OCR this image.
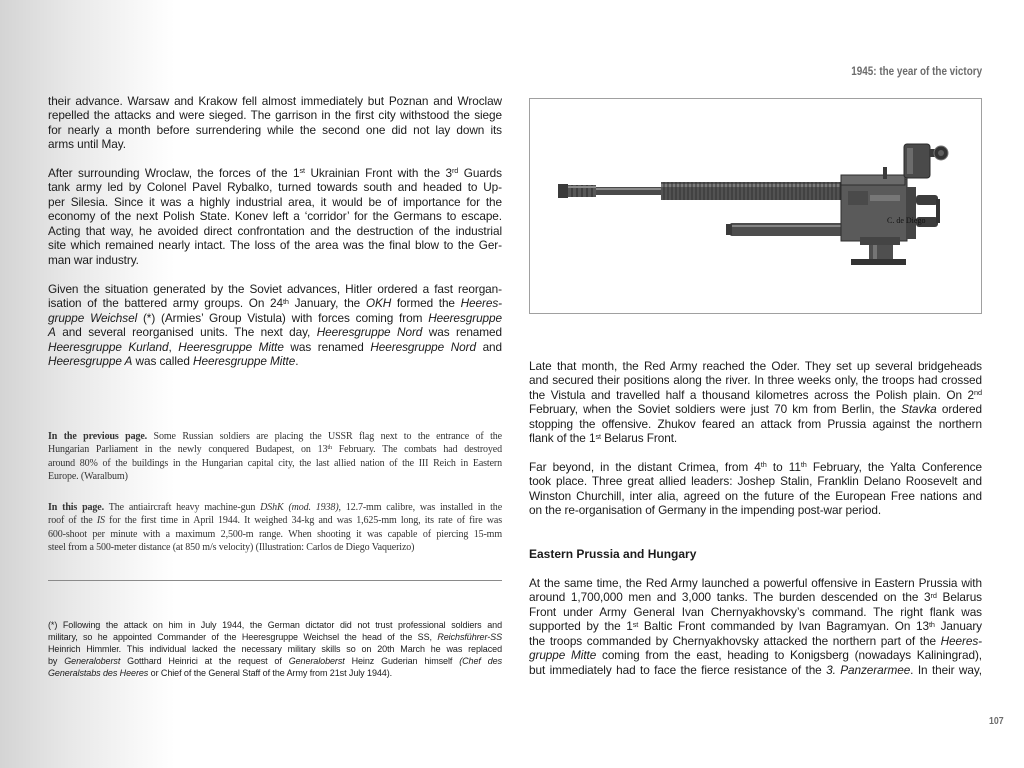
1945: the year of the victory
their advance. Warsaw and Krakow fell almost immediately but Poznan and Wroclaw
repelled the attacks and were sieged. The garrison in the first city withstood the siege
for nearly a month before surrendering while the second one did not lay down its
arms until May.
After surrounding Wroclaw, the forces of the 1st Ukrainian Front with the 3rd Guards
tank army led by Colonel Pavel Rybalko, turned towards south and headed to Up-
per Silesia. Since it was a highly industrial area, it would be of importance for the
economy of the next Polish State. Konev left a ‘corridor’ for the Germans to escape.
Acting that way, he avoided direct confrontation and the destruction of the industrial
site which remained nearly intact. The loss of the area was the final blow to the Ger-
man war industry.
Given the situation generated by the Soviet advances, Hitler ordered a fast reorgan-
isation of the battered army groups. On 24th January, the OKH formed the Heeres-
gruppe Weichsel (*) (Armies’ Group Vistula) with forces coming from Heeresgruppe
A and several reorganised units. The next day, Heeresgruppe Nord was renamed
Heeresgruppe Kurland, Heeresgruppe Mitte was renamed Heeresgruppe Nord and
Heeresgruppe A was called Heeresgruppe Mitte.
In the previous page. Some Russian soldiers are placing the USSR flag next to the entrance of the
Hungarian Parliament in the newly conquered Budapest, on 13th February. The combats had destroyed
around 80% of the buildings in the Hungarian capital city, the last allied nation of the III Reich in Eastern
Europe. (Waralbum)
In this page. The antiaircraft heavy machine-gun DShK (mod. 1938), 12.7-mm calibre, was installed in the
roof of the IS for the first time in April 1944. It weighed 34-kg and was 1,625-mm long, its rate of fire was
600-shoot per minute with a maximum 2,500-m range. When shooting it was capable of piercing 15-mm
steel from a 500-meter distance (at 850 m/s velocity) (Illustration: Carlos de Diego Vaquerizo)
(*) Following the attack on him in July 1944, the German dictator did not trust professional soldiers and
military, so he appointed Commander of the Heeresgruppe Weichsel the head of the SS, Reichsführer-SS
Heinrich Himmler. This individual lacked the necessary military skills so on 20th March he was replaced
by Generaloberst Gotthard Heinrici at the request of Generaloberst Heinz Guderian himself (Chef des
Generalstabs des Heeres or Chief of the General Staff of the Army from 21st July 1944).
C. de Diego
Late that month, the Red Army reached the Oder. They set up several bridgeheads
and secured their positions along the river. In three weeks only, the troops had crossed
the Vistula and travelled half a thousand kilometres across the Polish plain. On 2nd
February, when the Soviet soldiers were just 70 km from Berlin, the Stavka ordered
stopping the offensive. Zhukov feared an attack from Prussia against the northern
flank of the 1st Belarus Front.
Far beyond, in the distant Crimea, from 4th to 11th February, the Yalta Conference
took place. Three great allied leaders: Joshep Stalin, Franklin Delano Roosevelt and
Winston Churchill, inter alia, agreed on the future of the European Free nations and
on the re-organisation of Germany in the impending post-war period.
Eastern Prussia and Hungary
At the same time, the Red Army launched a powerful offensive in Eastern Prussia with
around 1,700,000 men and 3,000 tanks. The burden descended on the 3rd Belarus
Front under Army General Ivan Chernyakhovsky’s command. The right flank was
supported by the 1st Baltic Front commanded by Ivan Bagramyan. On 13th January
the troops commanded by Chernyakhovsky attacked the northern part of the Heeres-
gruppe Mitte coming from the east, heading to Konigsberg (nowadays Kaliningrad),
but immediately had to face the fierce resistance of the 3. Panzerarmee. In their way,
107
